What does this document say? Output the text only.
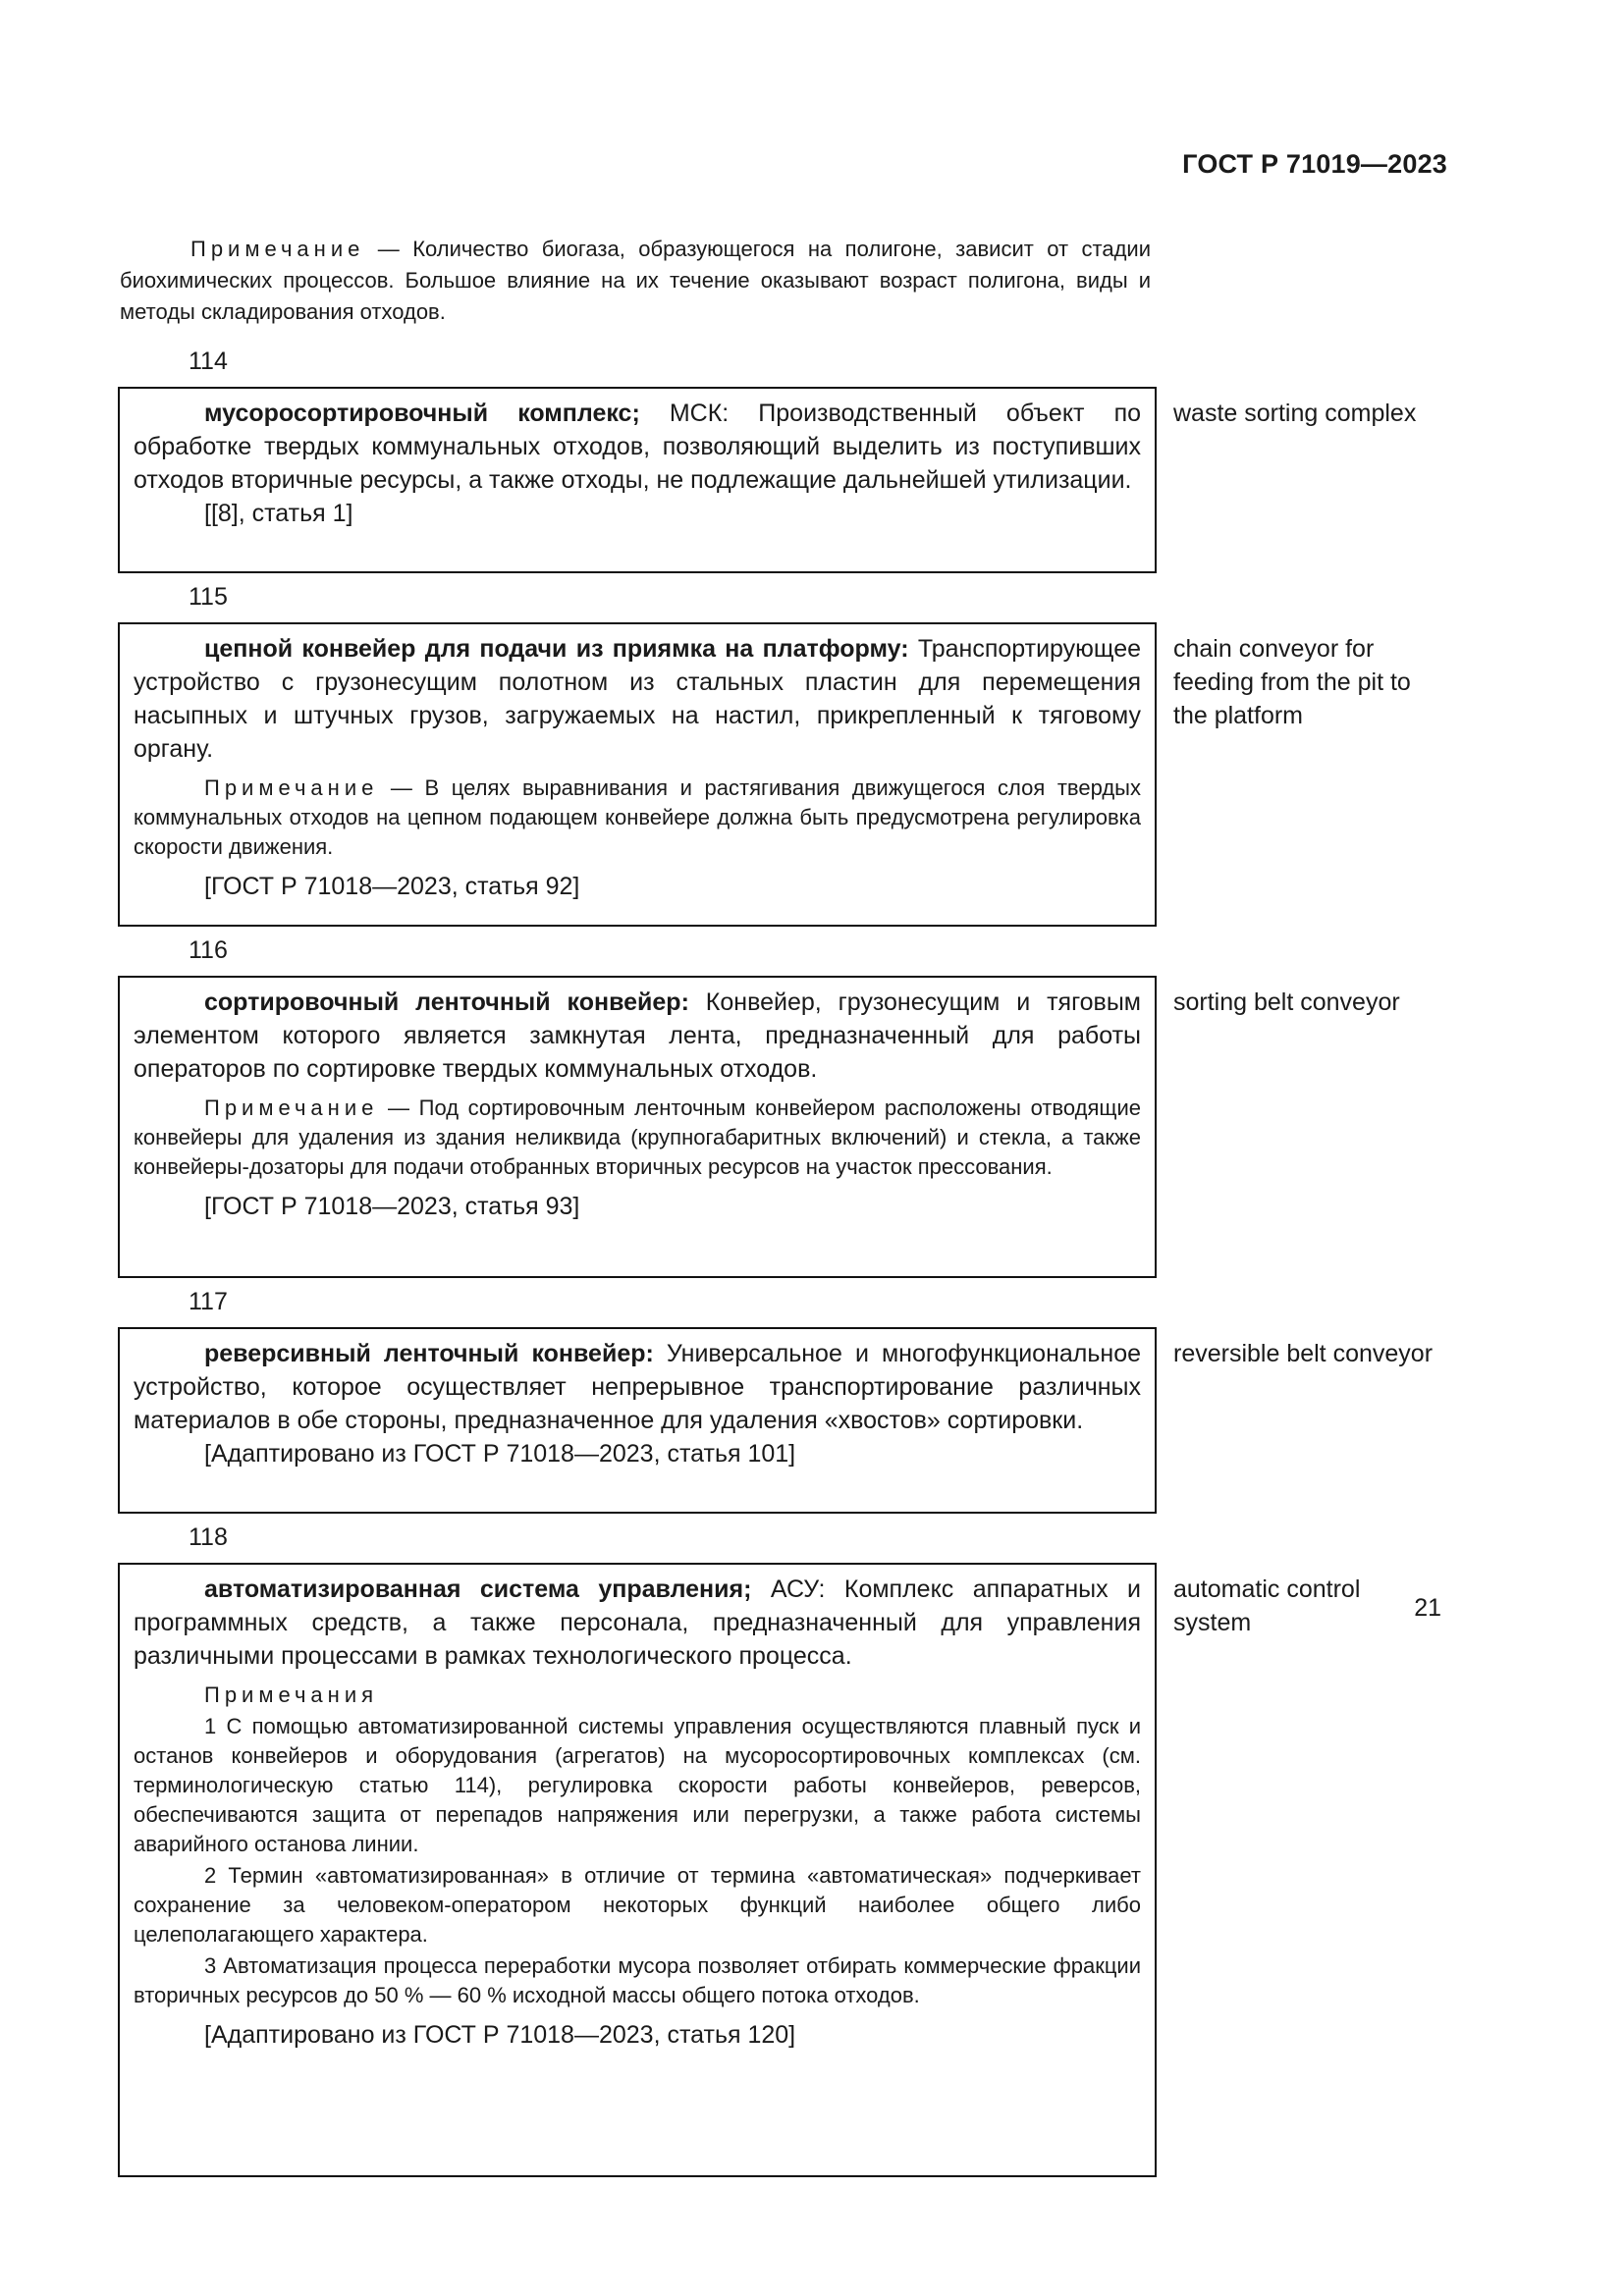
ГОСТ Р 71019—2023
Примечание — Количество биогаза, образующегося на полигоне, зависит от стадии биохимических процессов. Большое влияние на их течение оказывают возраст полигона, виды и методы складирования отходов.
114

мусоросортировочный комплекс; МСК: Производственный объект по обработке твердых коммунальных отходов, позволяющий выделить из поступивших отходов вторичные ресурсы, а также отходы, не подлежащие дальнейшей утилизации.

[[8], статья 1]

waste sorting complex
115

цепной конвейер для подачи из приямка на платформу: Транспортирующее устройство с грузонесущим полотном из стальных пластин для перемещения насыпных и штучных грузов, загружаемых на настил, прикрепленный к тяговому органу.

Примечание — В целях выравнивания и растягивания движущегося слоя твердых коммунальных отходов на цепном подающем конвейере должна быть предусмотрена регулировка скорости движения.

[ГОСТ Р 71018—2023, статья 92]

chain conveyor for feeding from the pit to the platform
116

сортировочный ленточный конвейер: Конвейер, грузонесущим и тяговым элементом которого является замкнутая лента, предназначенный для работы операторов по сортировке твердых коммунальных отходов.

Примечание — Под сортировочным ленточным конвейером расположены отводящие конвейеры для удаления из здания неликвида (крупногабаритных включений) и стекла, а также конвейеры-дозаторы для подачи отобранных вторичных ресурсов на участок прессования.

[ГОСТ Р 71018—2023, статья 93]

sorting belt conveyor
117

реверсивный ленточный конвейер: Универсальное и многофункциональное устройство, которое осуществляет непрерывное транспортирование различных материалов в обе стороны, предназначенное для удаления «хвостов» сортировки.

[Адаптировано из ГОСТ Р 71018—2023, статья 101]

reversible belt conveyor
118

автоматизированная система управления; АСУ: Комплекс аппаратных и программных средств, а также персонала, предназначенный для управления различными процессами в рамках технологического процесса.

Примечания

1 С помощью автоматизированной системы управления осуществляются плавный пуск и останов конвейеров и оборудования (агрегатов) на мусоросортировочных комплексах (см. терминологическую статью 114), регулировка скорости работы конвейеров, реверсов, обеспечиваются защита от перепадов напряжения или перегрузки, а также работа системы аварийного останова линии.

2 Термин «автоматизированная» в отличие от термина «автоматическая» подчеркивает сохранение за человеком-оператором некоторых функций наиболее общего либо целеполагающего характера.

3 Автоматизация процесса переработки мусора позволяет отбирать коммерческие фракции вторичных ресурсов до 50 % — 60 % исходной массы общего потока отходов.

[Адаптировано из ГОСТ Р 71018—2023, статья 120]

automatic control system
21
